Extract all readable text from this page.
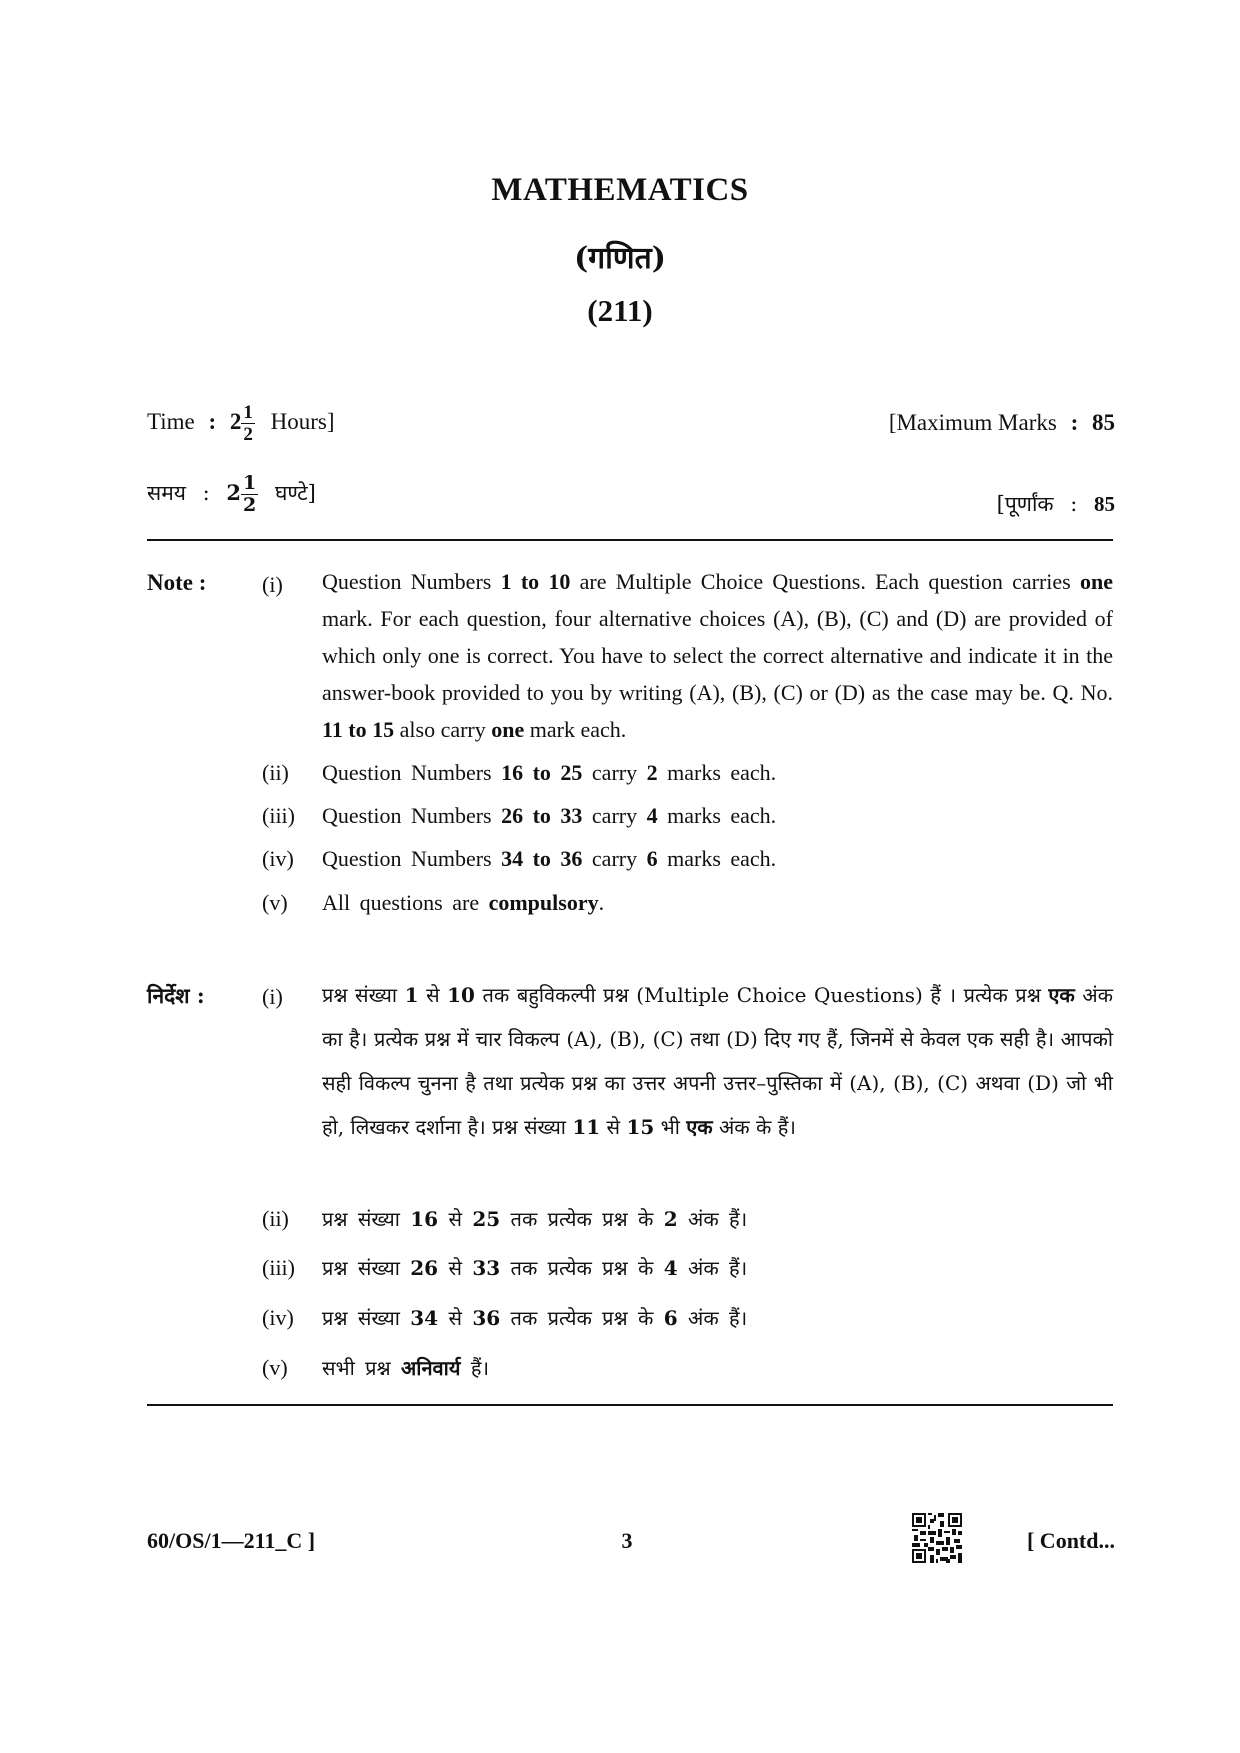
MATHEMATICS
(गणित)
(211)
Time : $2 \frac{1}{2}$ Hours]	[Maximum Marks : 85
समय : $2 \frac{1}{2}$ घण्टे]	[पूर्णांक : 85
Note :	(i) Question Numbers 1 to 10 are Multiple Choice Questions. Each question carries one mark. For each question, four alternative choices (A), (B), (C) and (D) are provided of which only one is correct. You have to select the correct alternative and indicate it in the answer-book provided to you by writing (A), (B), (C) or (D) as the case may be. Q. No. 11 to 15 also carry one mark each.
(ii) Question Numbers 16 to 25 carry 2 marks each.
(iii) Question Numbers 26 to 33 carry 4 marks each.
(iv) Question Numbers 34 to 36 carry 6 marks each.
(v) All questions are compulsory.
निर्देश :	(i) प्रश्न संख्या 1 से 10 तक बहुविकल्पी प्रश्न (Multiple Choice Questions) हैं । प्रत्येक प्रश्न एक अंक का है। प्रत्येक प्रश्न में चार विकल्प (A), (B), (C) तथा (D) दिए गए हैं, जिनमें से केवल एक सही है। आपको सही विकल्प चुनना है तथा प्रत्येक प्रश्न का उत्तर अपनी उत्तर–पुस्तिका में (A), (B), (C) अथवा (D) जो भी हो, लिखकर दर्शाना है। प्रश्न संख्या 11 से 15 भी एक अंक के हैं।
(ii) प्रश्न संख्या 16 से 25 तक प्रत्येक प्रश्न के 2 अंक हैं।
(iii) प्रश्न संख्या 26 से 33 तक प्रत्येक प्रश्न के 4 अंक हैं।
(iv) प्रश्न संख्या 34 से 36 तक प्रत्येक प्रश्न के 6 अंक हैं।
(v) सभी प्रश्न अनिवार्य हैं।
60/OS/1—211_C ]	3	[ Contd...
